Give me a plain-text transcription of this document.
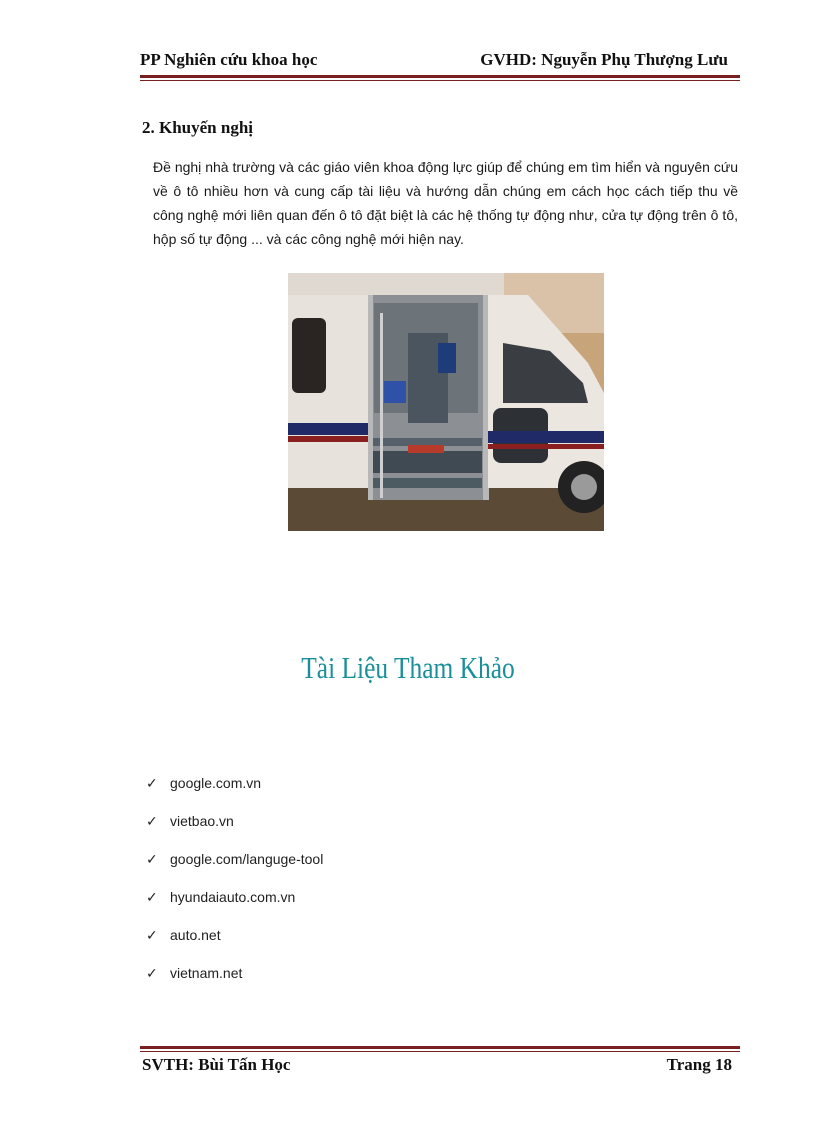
PP Nghiên cứu khoa học	GVHD: Nguyễn Phụ Thượng Lưu
2. Khuyến nghị
Đề nghị nhà trường và các giáo viên khoa động lực giúp để chúng em tìm hiển và nguyên cứu về ô tô nhiều hơn và cung cấp tài liệu và hướng dẫn chúng em cách học cách tiếp thu về công nghệ mới liên quan đến ô tô đặt biệt là các hệ thống tự động như, cửa tự động trên ô tô, hộp số tự động ... và các công nghệ mới hiện nay.
Tài Liệu Tham Khảo
✓ google.com.vn
✓ vietbao.vn
✓ google.com/languge-tool
✓ hyundaiauto.com.vn
✓ auto.net
✓ vietnam.net
SVTH: Bùi Tấn Học	Trang 18
